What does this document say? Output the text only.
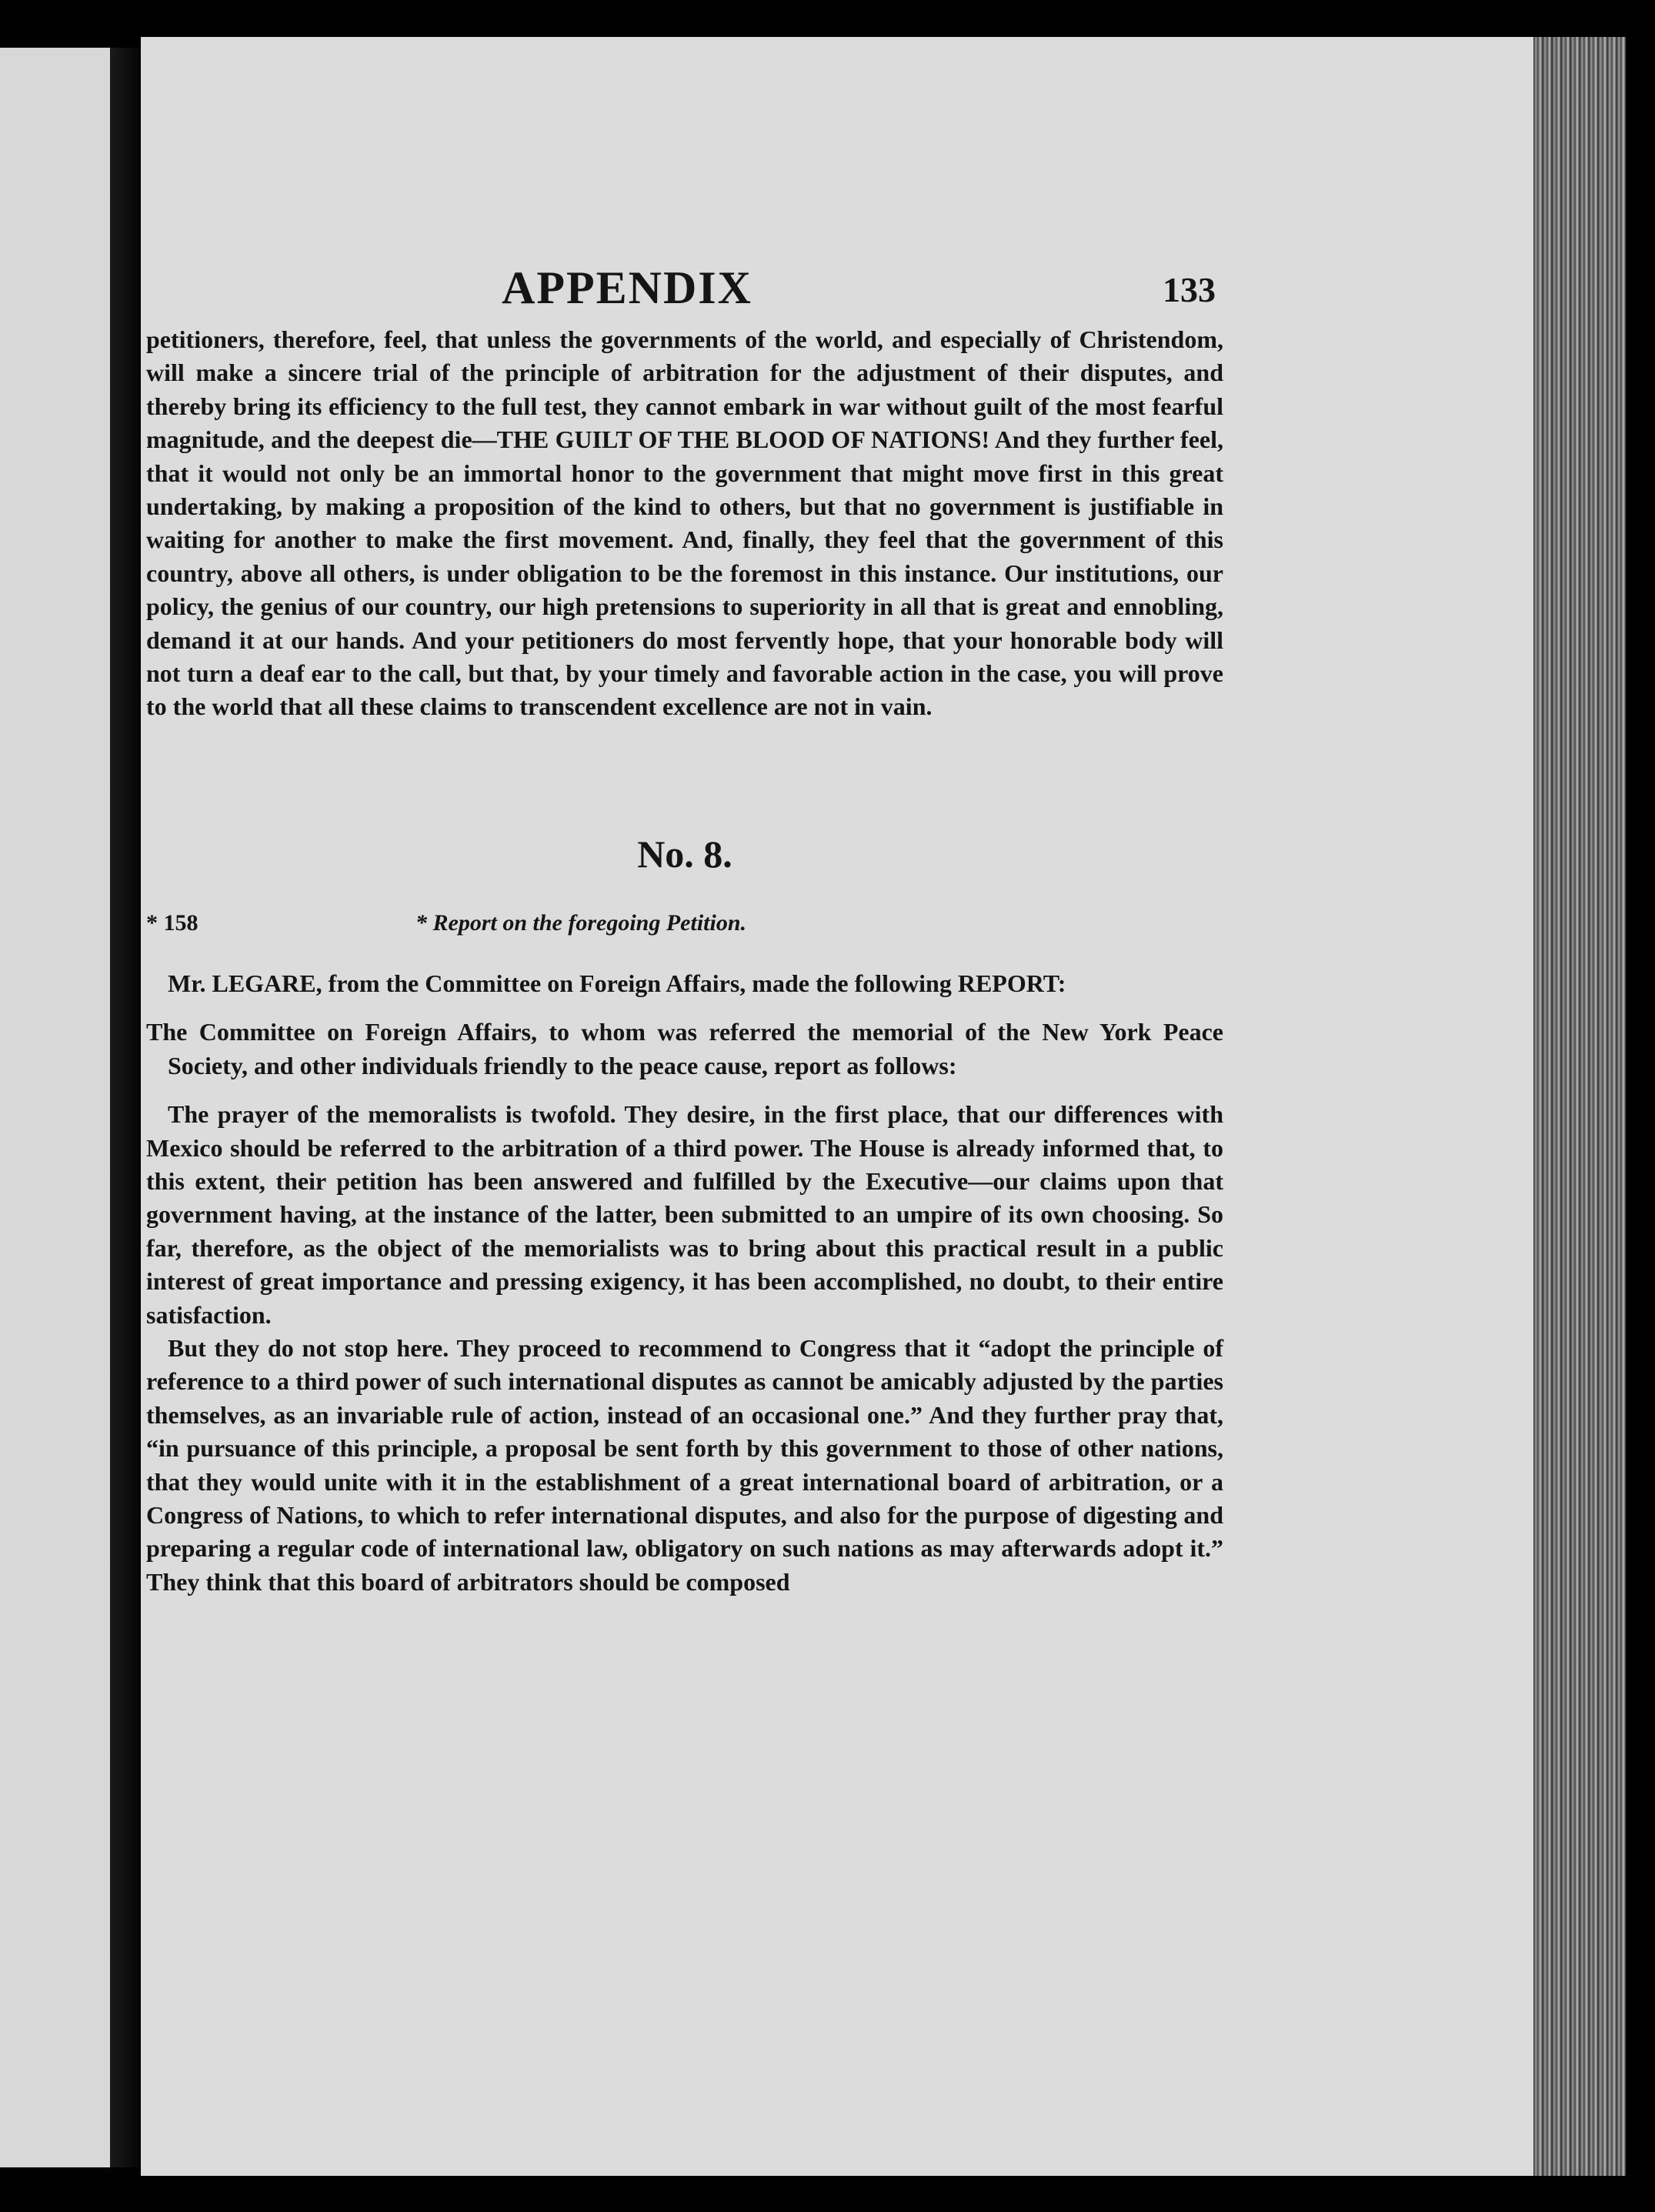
APPENDIX	133

petitioners, therefore, feel, that unless the governments of the world, and especially of Christendom, will make a sincere trial of the principle of arbitration for the adjustment of their disputes, and thereby bring its efficiency to the full test, they cannot embark in war without guilt of the most fearful magnitude, and the deepest die—THE GUILT OF THE BLOOD OF NATIONS! And they further feel, that it would not only be an immortal honor to the government that might move first in this great undertaking, by making a proposition of the kind to others, but that no government is justifiable in waiting for another to make the first movement. And, finally, they feel that the government of this country, above all others, is under obligation to be the foremost in this instance. Our institutions, our policy, the genius of our country, our high pretensions to superiority in all that is great and ennobling, demand it at our hands. And your petitioners do most fervently hope, that your honorable body will not turn a deaf ear to the call, but that, by your timely and favorable action in the case, you will prove to the world that all these claims to transcendent excellence are not in vain.

No. 8.
* 158	* Report on the foregoing Petition.

Mr. LEGARE, from the Committee on Foreign Affairs, made the following REPORT:

The Committee on Foreign Affairs, to whom was referred the memorial of the New York Peace Society, and other individuals friendly to the peace cause, report as follows:

The prayer of the memoralists is twofold. They desire, in the first place, that our differences with Mexico should be referred to the arbitration of a third power. The House is already informed that, to this extent, their petition has been answered and fulfilled by the Executive—our claims upon that government having, at the instance of the latter, been submitted to an umpire of its own choosing. So far, therefore, as the object of the memorialists was to bring about this practical result in a public interest of great importance and pressing exigency, it has been accomplished, no doubt, to their entire satisfaction.

But they do not stop here. They proceed to recommend to Congress that it “adopt the principle of reference to a third power of such international disputes as cannot be amicably adjusted by the parties themselves, as an invariable rule of action, instead of an occasional one.” And they further pray that, “in pursuance of this principle, a proposal be sent forth by this government to those of other nations, that they would unite with it in the establishment of a great international board of arbitration, or a Congress of Nations, to which to refer international disputes, and also for the purpose of digesting and preparing a regular code of international law, obligatory on such nations as may afterwards adopt it.” They think that this board of arbitrators should be composed
